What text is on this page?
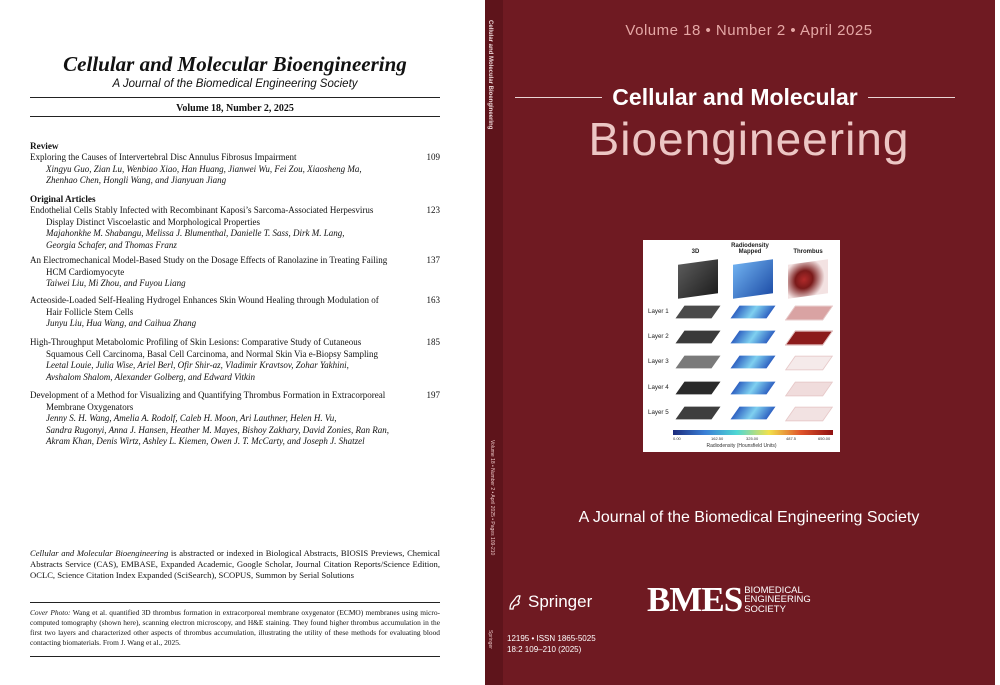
Cellular and Molecular Bioengineering
A Journal of the Biomedical Engineering Society
Volume 18, Number 2, 2025
Review
Original Articles
Exploring the Causes of Intervertebral Disc Annulus Fibrosus Impairment
Xingyu Guo, Zian Lu, Wenbiao Xiao, Han Huang, Jianwei Wu, Fei Zou, Xiaosheng Ma,
Zhenhao Chen, Hongli Wang, and Jianyuan Jiang
109
Endothelial Cells Stably Infected with Recombinant Kaposi’s Sarcoma-Associated Herpesvirus
Display Distinct Viscoelastic and Morphological Properties
Majahonkhe M. Shabangu, Melissa J. Blumenthal, Danielle T. Sass, Dirk M. Lang,
Georgia Schafer, and Thomas Franz
123
An Electromechanical Model-Based Study on the Dosage Effects of Ranolazine in Treating Failing
HCM Cardiomyocyte
Taiwei Liu, Mi Zhou, and Fuyou Liang
137
Acteoside-Loaded Self-Healing Hydrogel Enhances Skin Wound Healing through Modulation of
Hair Follicle Stem Cells
Junyu Liu, Hua Wang, and Caihua Zhang
163
High-Throughput Metabolomic Profiling of Skin Lesions: Comparative Study of Cutaneous
Squamous Cell Carcinoma, Basal Cell Carcinoma, and Normal Skin Via e-Biopsy Sampling
Leetal Louie, Julia Wise, Ariel Berl, Ofir Shir-az, Vladimir Kravtsov, Zohar Yakhini,
Avshalom Shalom, Alexander Golberg, and Edward Vitkin
185
Development of a Method for Visualizing and Quantifying Thrombus Formation in Extracorporeal
Membrane Oxygenators
Jenny S. H. Wang, Amelia A. Rodolf, Caleb H. Moon, Ari Lauthner, Helen H. Vu,
Sandra Rugonyi, Anna J. Hansen, Heather M. Mayes, Bishoy Zakhary, David Zonies, Ran Ran,
Akram Khan, Denis Wirtz, Ashley L. Kiemen, Owen J. T. McCarty, and Joseph J. Shatzel
197
Cellular and Molecular Bioengineering is abstracted or indexed in Biological Abstracts, BIOSIS Previews, Chemical Abstracts Service (CAS), EMBASE, Expanded Academic, Google Scholar, Journal Citation Reports/Science Edition, OCLC, Science Citation Index Expanded (SciSearch), SCOPUS, Summon by Serial Solutions
Cover Photo: Wang et al. quantified 3D thrombus formation in extracorporeal membrane oxygenator (ECMO) membranes using micro-computed tomography (shown here), scanning electron microscopy, and H&E staining. They found higher thrombus accumulation in the first two layers and characterized other aspects of thrombus accumulation, illustrating the utility of these methods for evaluating blood contacting biomaterials. From J. Wang et al., 2025.
Cellular and Molecular Bioengineering
Volume 18 • Number 2 • April 2025 • Pages 109-210
Springer
Volume 18 • Number 2 • April 2025
Cellular and Molecular
Bioengineering
3D
Radiodensity Mapped	Thrombus
Layer 1
Layer 2
Layer 3
Layer 4
Layer 5
0.00	162.50	325.00	487.5	650.00
Radiodensity (Hounsfield Units)
A Journal of the Biomedical Engineering Society
Springer BMES BIOMEDICAL
ENGINEERING
SOCIETY
12195 • ISSN 1865-5025
18:2 109–210 (2025)
